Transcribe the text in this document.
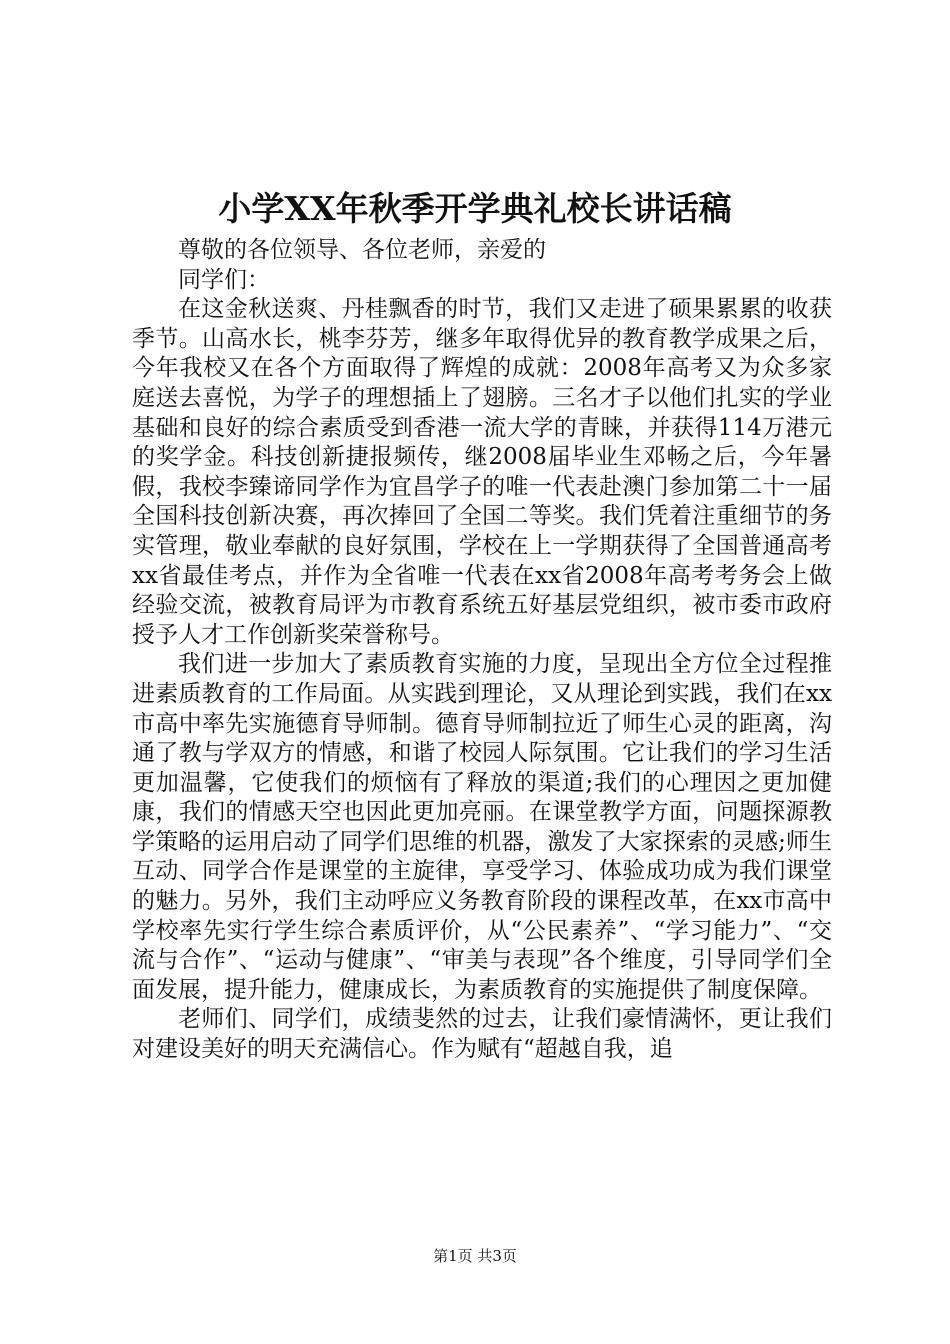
小学XX年秋季开学典礼校长讲话稿

尊敬的各位领导、各位老师，亲爱的

同学们：

在这金秋送爽、丹桂飘香的时节，我们又走进了硕果累累的收获季节。山高水长，桃李芬芳，继多年取得优异的教育教学成果之后，今年我校又在各个方面取得了辉煌的成就：2008年高考又为众多家庭送去喜悦，为学子的理想插上了翅膀。三名才子以他们扎实的学业基础和良好的综合素质受到香港一流大学的青睐，并获得114万港元的奖学金。科技创新捷报频传，继2008届毕业生邓畅之后，今年暑假，我校李臻谛同学作为宜昌学子的唯一代表赴澳门参加第二十一届全国科技创新决赛，再次捧回了全国二等奖。我们凭着注重细节的务实管理，敬业奉献的良好氛围，学校在上一学期获得了全国普通高考xx省最佳考点，并作为全省唯一代表在xx省2008年高考考务会上做经验交流，被教育局评为市教育系统五好基层党组织，被市委市政府授予人才工作创新奖荣誉称号。

我们进一步加大了素质教育实施的力度，呈现出全方位全过程推进素质教育的工作局面。从实践到理论，又从理论到实践，我们在xx市高中率先实施德育导师制。德育导师制拉近了师生心灵的距离，沟通了教与学双方的情感，和谐了校园人际氛围。它让我们的学习生活更加温馨，它使我们的烦恼有了释放的渠道;我们的心理因之更加健康，我们的情感天空也因此更加亮丽。在课堂教学方面，问题探源教学策略的运用启动了同学们思维的机器，激发了大家探索的灵感;师生互动、同学合作是课堂的主旋律，享受学习、体验成功成为我们课堂的魅力。另外，我们主动呼应义务教育阶段的课程改革，在xx市高中学校率先实行学生综合素质评价，从“公民素养”、“学习能力”、“交流与合作”、“运动与健康”、“审美与表现”各个维度，引导同学们全面发展，提升能力，健康成长，为素质教育的实施提供了制度保障。

老师们、同学们，成绩斐然的过去，让我们豪情满怀，更让我们对建设美好的明天充满信心。作为赋有“超越自我，追

第1页 共3页
